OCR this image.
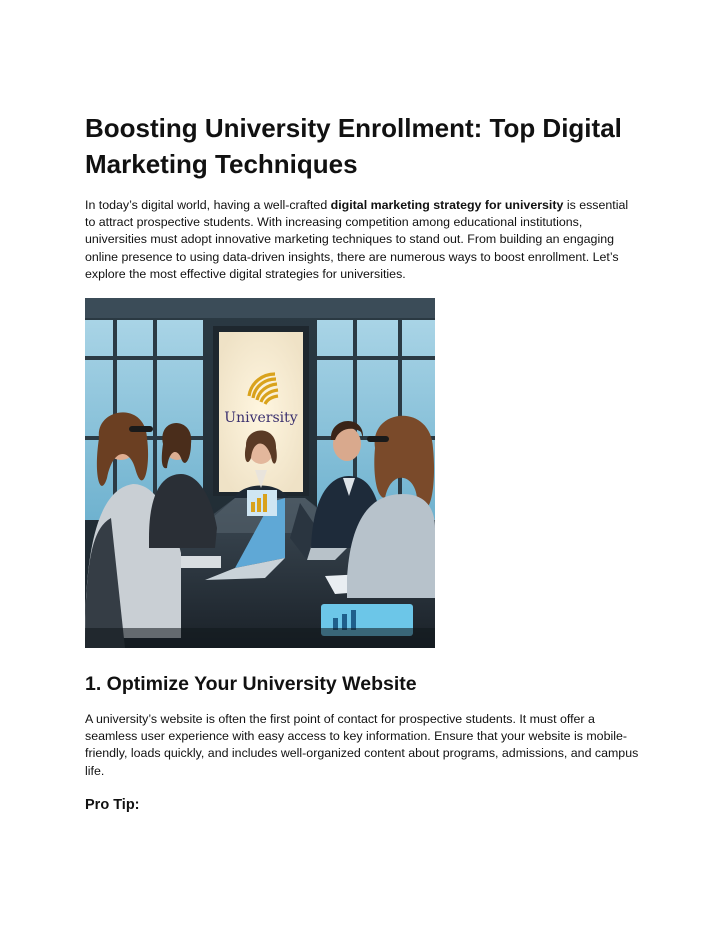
Boosting University Enrollment: Top Digital Marketing Techniques

In today’s digital world, having a well-crafted digital marketing strategy for university is essential to attract prospective students. With increasing competition among educational institutions, universities must adopt innovative marketing techniques to stand out. From building an engaging online presence to using data-driven insights, there are numerous ways to boost enrollment. Let’s explore the most effective digital strategies for universities.

University
1. Optimize Your University Website

A university’s website is often the first point of contact for prospective students. It must offer a seamless user experience with easy access to key information. Ensure that your website is mobile-friendly, loads quickly, and includes well-organized content about programs, admissions, and campus life.

Pro Tip:
